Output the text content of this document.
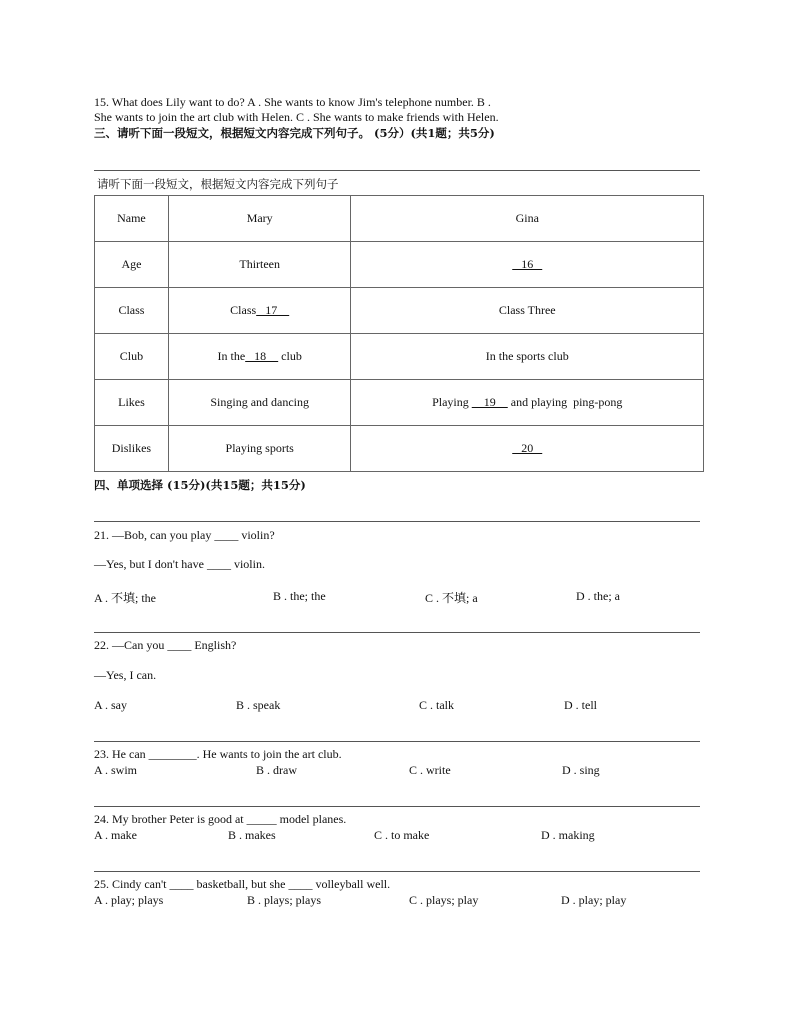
15. What does Lily want to do? A . She wants to know Jim's telephone number. B .
She wants to join the art club with Helen. C . She wants to make friends with Helen.
三、请听下面一段短文，根据短文内容完成下列句子。 (5分）(共1题；共5分)
请听下面一段短文，根据短文内容完成下列句子
Name	Mary	Gina
Age	Thirteen	16
Class	Class   17	Class Three
Club	In the   18     club	In the sports club
Likes	Singing and dancing	Playing     19     and playing  ping-pong
Dislikes	Playing sports	20
四、单项选择 (15分)(共15题；共15分)
21. —Bob, can you play ____ violin?
—Yes, but I don't have ____ violin.
A . 不填; the	B . the; the	C . 不填; a	D . the; a
22. —Can you ____ English?
—Yes, I can.
A . say	B . speak	C . talk	D . tell
23. He can ________. He wants to join the art club.
A . swim	B . draw	C . write	D . sing
24. My brother Peter is good at _____ model planes.
A . make	B . makes	C . to make	D . making
25. Cindy can't ____ basketball, but she ____ volleyball well.
A . play; plays	B . plays; plays	C . plays; play	D . play; play
